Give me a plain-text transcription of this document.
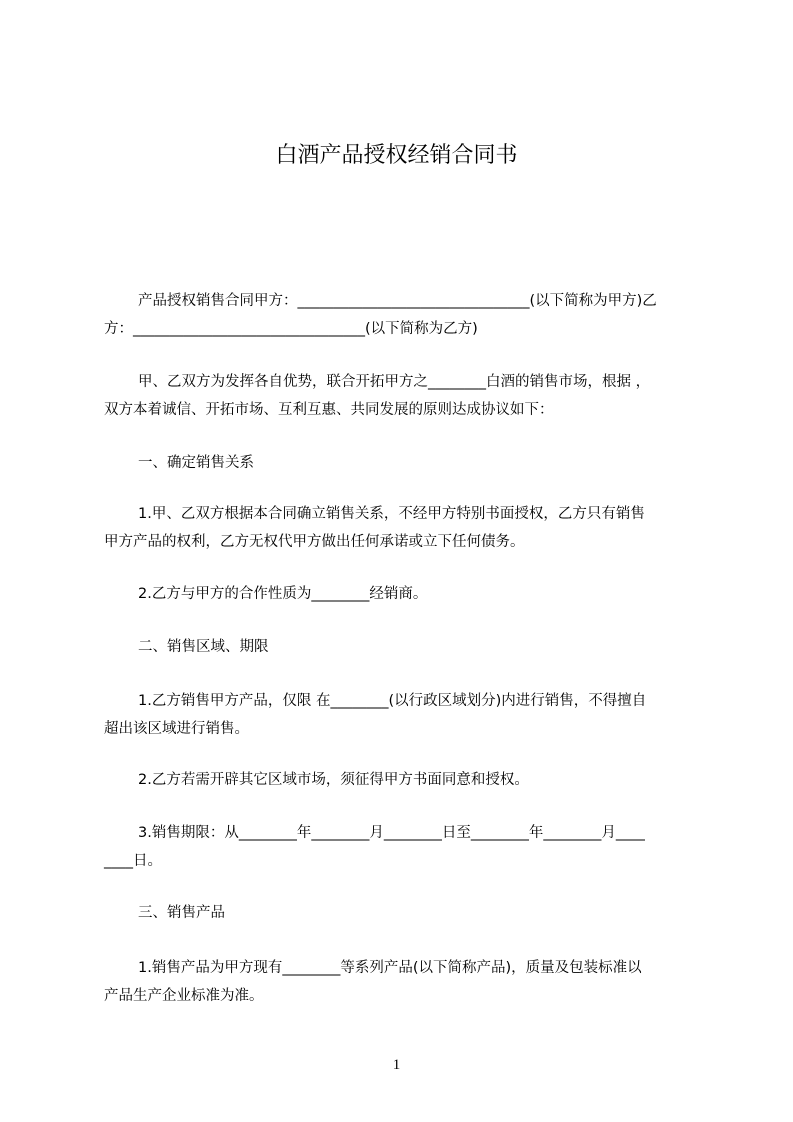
白酒产品授权经销合同书
产品授权销售合同甲方：________________________________(以下简称为甲方)乙
方：________________________________(以下简称为乙方)
甲、乙双方为发挥各自优势，联合开拓甲方之________白酒的销售市场，根据 ，
双方本着诚信、开拓市场、互利互惠、共同发展的原则达成协议如下：
一、确定销售关系
1.甲、乙双方根据本合同确立销售关系，不经甲方特别书面授权，乙方只有销售
甲方产品的权利，乙方无权代甲方做出任何承诺或立下任何债务。
2.乙方与甲方的合作性质为________经销商。
二、销售区域、期限
1.乙方销售甲方产品，仅限 在________(以行政区域划分)内进行销售，不得擅自
超出该区域进行销售。
2.乙方若需开辟其它区域市场，须征得甲方书面同意和授权。
3.销售期限：从________年________月________日至________年________月____
____日。
三、销售产品
1.销售产品为甲方现有________等系列产品(以下简称产品)，质量及包装标准以
产品生产企业标准为准。
1
